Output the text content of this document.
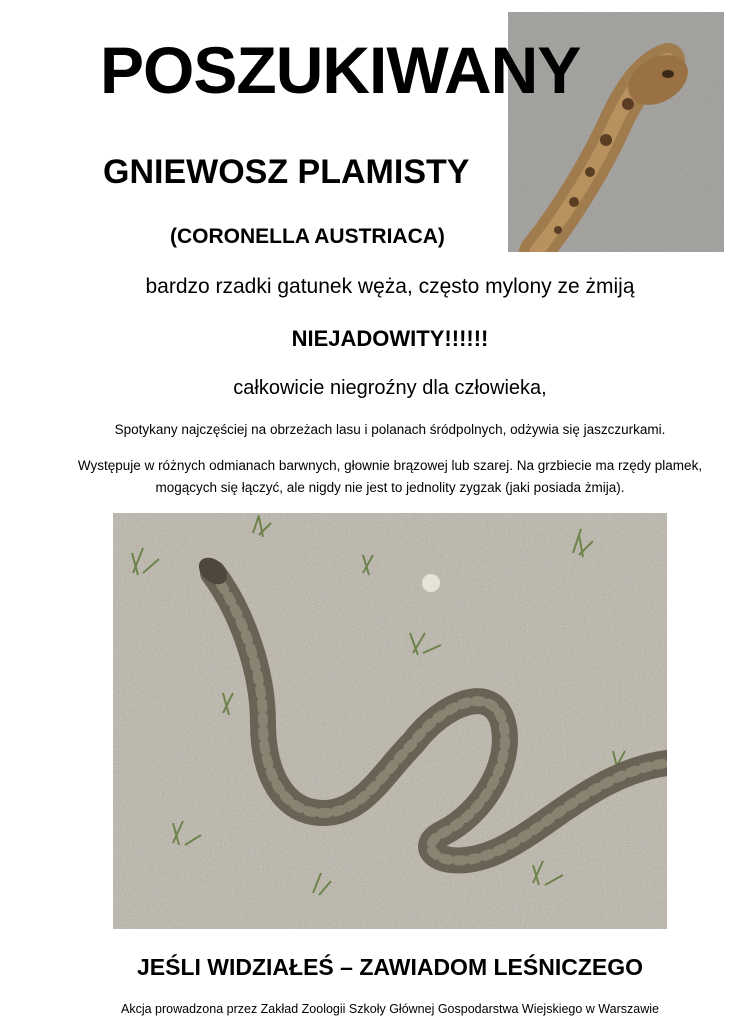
POSZUKIWANY
GNIEWOSZ PLAMISTY
(CORONELLA AUSTRIACA)
bardzo rzadki gatunek węża, często mylony ze żmiją
NIEJADOWITY!!!!!!
całkowicie niegroźny dla człowieka,
Spotykany najczęściej na obrzeżach lasu i polanach śródpolnych, odżywia się jaszczurkami.
Występuje w różnych odmianach barwnych, głownie brązowej lub szarej. Na grzbiecie ma rzędy plamek,
mogących się łączyć, ale nigdy nie jest to jednolity zygzak (jaki posiada żmija).
JEŚLI WIDZIAŁEŚ – ZAWIADOM LEŚNICZEGO
Akcja prowadzona przez Zakład Zoologii Szkoły Głównej Gospodarstwa Wiejskiego w Warszawie
